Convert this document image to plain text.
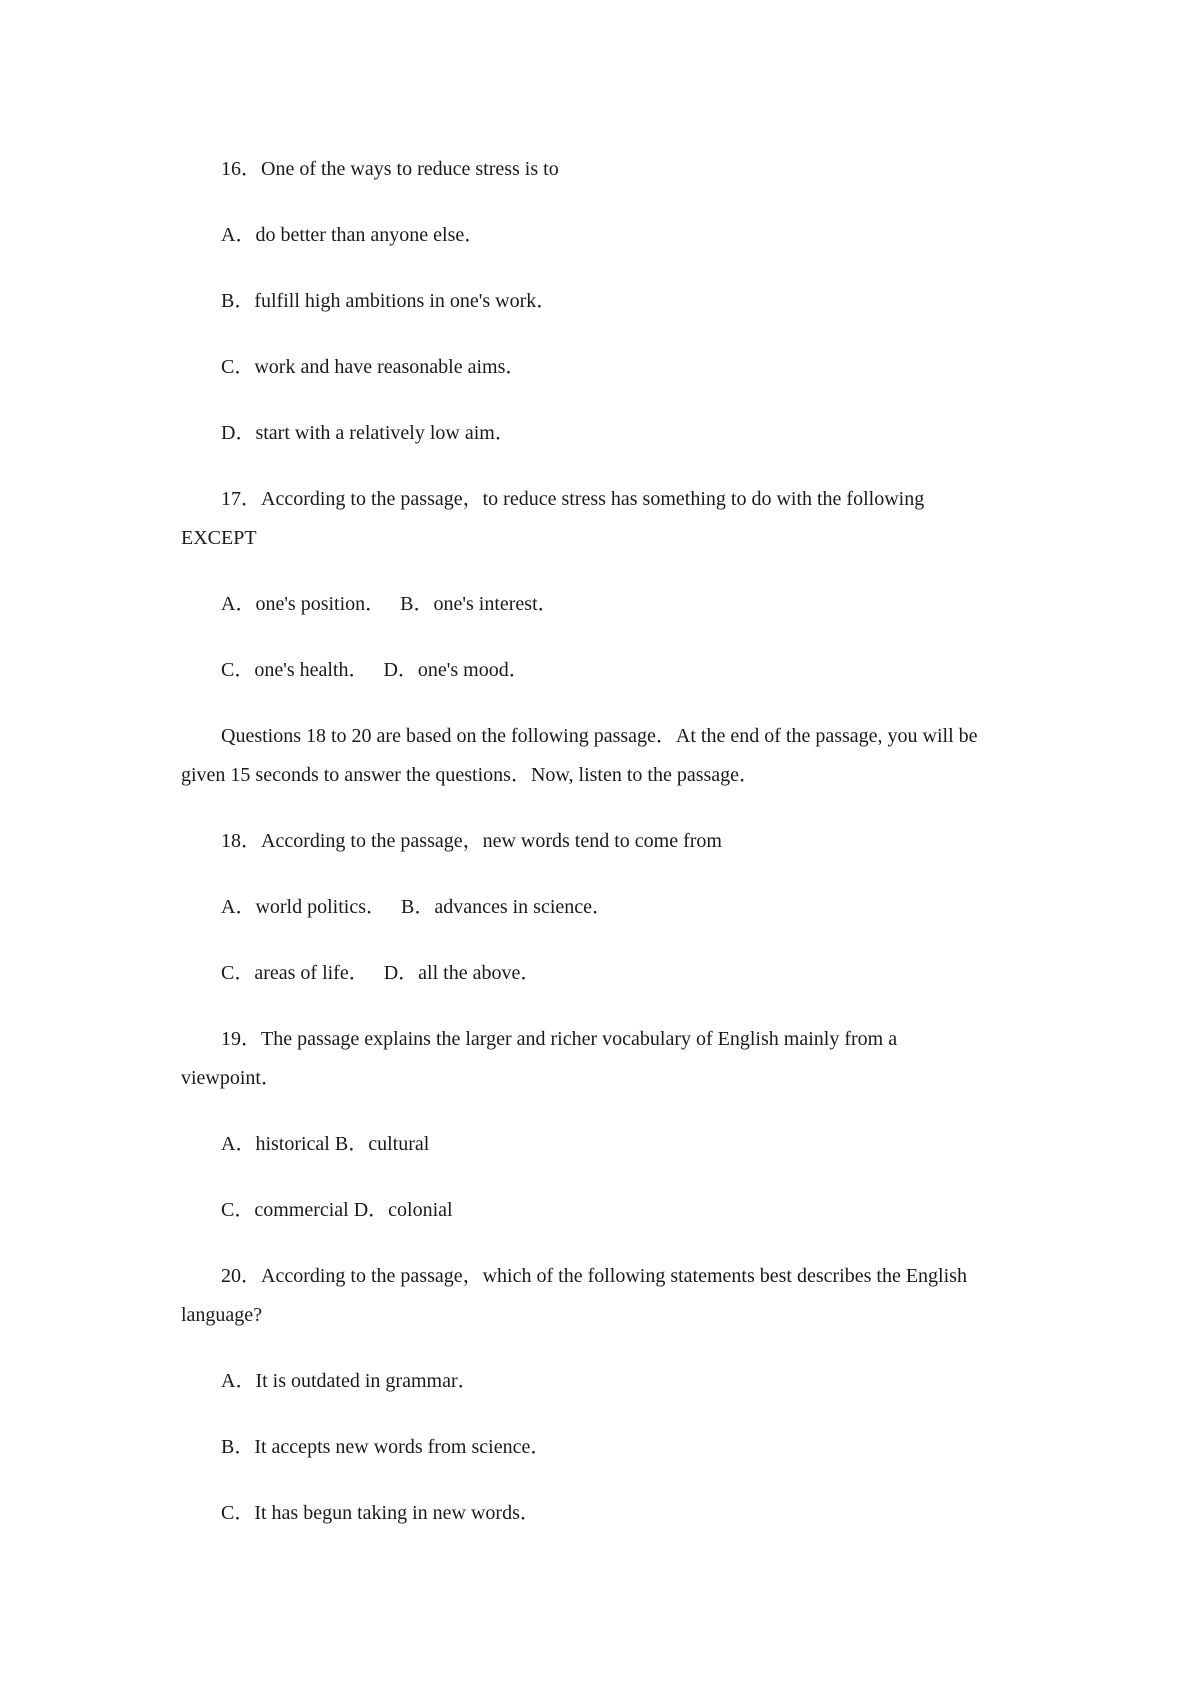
16．One of the ways to reduce stress is to
A．do better than anyone else．
B．fulfill high ambitions in one's work．
C．work and have reasonable aims．
D．start with a relatively low aim．
17．According to the passage，to reduce stress has something to do with the following
EXCEPT
A．one's position．   B．one's interest．
C．one's health．   D．one's mood．
Questions 18 to 20 are based on the following passage．At the end of the passage, you will be
given 15 seconds to answer the questions．Now, listen to the passage．
18．According to the passage，new words tend to come from
A．world politics．   B．advances in science．
C．areas of life．   D．all the above．
19．The passage explains the larger and richer vocabulary of English mainly from a
viewpoint．
A．historical B．cultural
C．commercial D．colonial
20．According to the passage，which of the following statements best describes the English
language?
A．It is outdated in grammar．
B．It accepts new words from science．
C．It has begun taking in new words．
